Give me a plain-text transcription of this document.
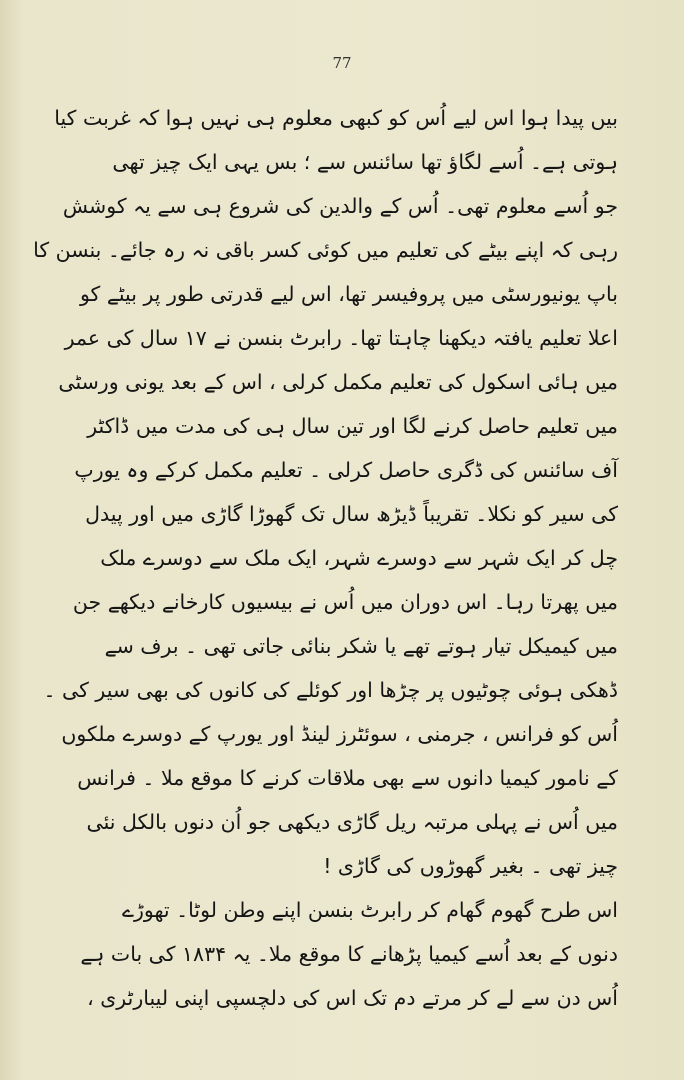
77
بیں پیدا ہوا اس لیے اُس کو کبھی معلوم ہی نہیں ہوا کہ غربت کیا
ہوتی ہے۔ اُسے لگاؤ تھا سائنس سے ؛ بس یہی ایک چیز تھی
جو اُسے معلوم تھی۔ اُس کے والدین کی شروع ہی سے یہ کوشش
رہی کہ اپنے بیٹے کی تعلیم میں کوئی کسر باقی نہ رہ جائے۔ بنسن کا
باپ یونیورسٹی میں پروفیسر تھا، اس لیے قدرتی طور پر بیٹے کو
اعلا تعلیم یافتہ دیکھنا چاہتا تھا۔ رابرٹ بنسن نے ۱۷ سال کی عمر
میں ہائی اسکول کی تعلیم مکمل کرلی ، اس کے بعد یونی ورسٹی
میں تعلیم حاصل کرنے لگا اور تین سال ہی کی مدت میں ڈاکٹر
آف سائنس کی ڈگری حاصل کرلی ۔ تعلیم مکمل کرکے وہ یورپ
کی سیر کو نکلا۔ تقریباً ڈیڑھ سال تک گھوڑا گاڑی میں اور پیدل
چل کر ایک شہر سے دوسرے شہر، ایک ملک سے دوسرے ملک
میں پھرتا رہا۔ اس دوران میں اُس نے بیسیوں کارخانے دیکھے جن
میں کیمیکل تیار ہوتے تھے یا شکر بنائی جاتی تھی ۔ برف سے
ڈھکی ہوئی چوٹیوں پر چڑھا اور کوئلے کی کانوں کی بھی سیر کی ۔
اُس کو فرانس ، جرمنی ، سوئٹرز لینڈ اور یورپ کے دوسرے ملکوں
کے نامور کیمیا دانوں سے بھی ملاقات کرنے کا موقع ملا ۔ فرانس
میں اُس نے پہلی مرتبہ ریل گاڑی دیکھی جو اُن دنوں بالکل نئی
چیز تھی ۔ بغیر گھوڑوں کی گاڑی !
اس طرح گھوم گھام کر رابرٹ بنسن اپنے وطن لوٹا۔ تھوڑے
دنوں کے بعد اُسے کیمیا پڑھانے کا موقع ملا۔ یہ ۱۸۳۴ کی بات ہے
اُس دن سے لے کر مرتے دم تک اس کی دلچسپی اپنی لیبارٹری ،
